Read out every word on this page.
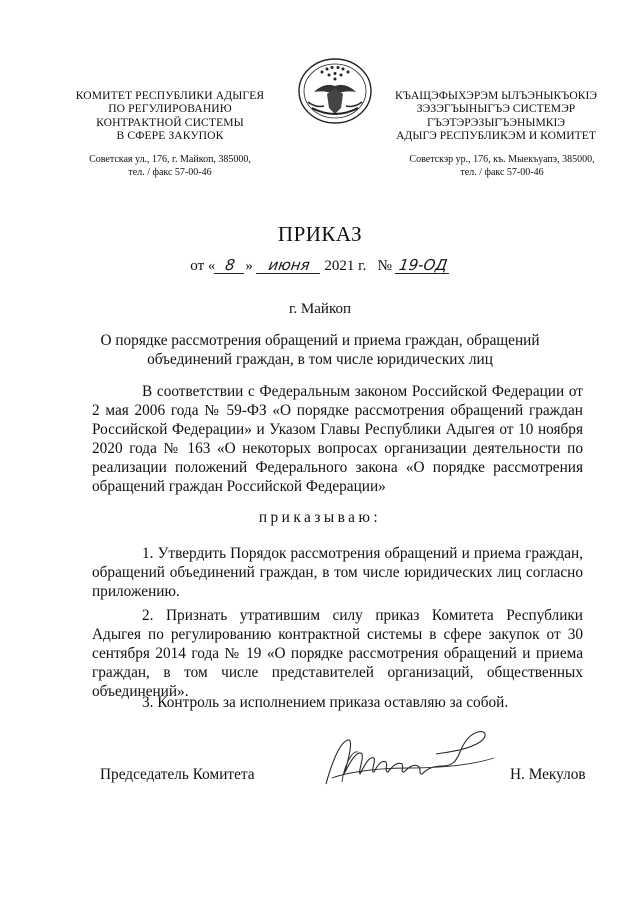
КОМИТЕТ РЕСПУБЛИКИ АДЫГЕЯ
ПО РЕГУЛИРОВАНИЮ
КОНТРАКТНОЙ СИСТЕМЫ
В СФЕРЕ ЗАКУПОК
КЪАЩЭФЫХЭРЭМ ЫЛЪЭНЫКЪОКIЭ
ЗЭЗЭГЪЫНЫГЪЭ СИСТЕМЭР
ГЪЭТЭРЭЗЫГЪЭНЫМКIЭ
АДЫГЭ РЕСПУБЛИКЭМ И КОМИТЕТ
Советская ул., 176, г. Майкоп, 385000,
тел. / факс 57-00-46
Советскэр ур., 176, къ. Мыекъуапэ, 385000,
тел. / факс 57-00-46
ПРИКАЗ
от « 8 » июня 2021 г. № 19-ОД
г. Майкоп
О порядке рассмотрения обращений и приема граждан, обращений объединений граждан, в том числе юридических лиц
В соответствии с Федеральным законом Российской Федерации от 2 мая 2006 года № 59-ФЗ «О порядке рассмотрения обращений граждан Российской Федерации» и Указом Главы Республики Адыгея от 10 ноября 2020 года № 163 «О некоторых вопросах организации деятельности по реализации положений Федерального закона «О порядке рассмотрения обращений граждан Российской Федерации»
приказываю:
1. Утвердить Порядок рассмотрения обращений и приема граждан, обращений объединений граждан, в том числе юридических лиц согласно приложению.
2. Признать утратившим силу приказ Комитета Республики Адыгея по регулированию контрактной системы в сфере закупок от 30 сентября 2014 года № 19 «О порядке рассмотрения обращений и приема граждан, в том числе представителей организаций, общественных объединений».
3. Контроль за исполнением приказа оставляю за собой.
Председатель Комитета	Н. Мекулов
